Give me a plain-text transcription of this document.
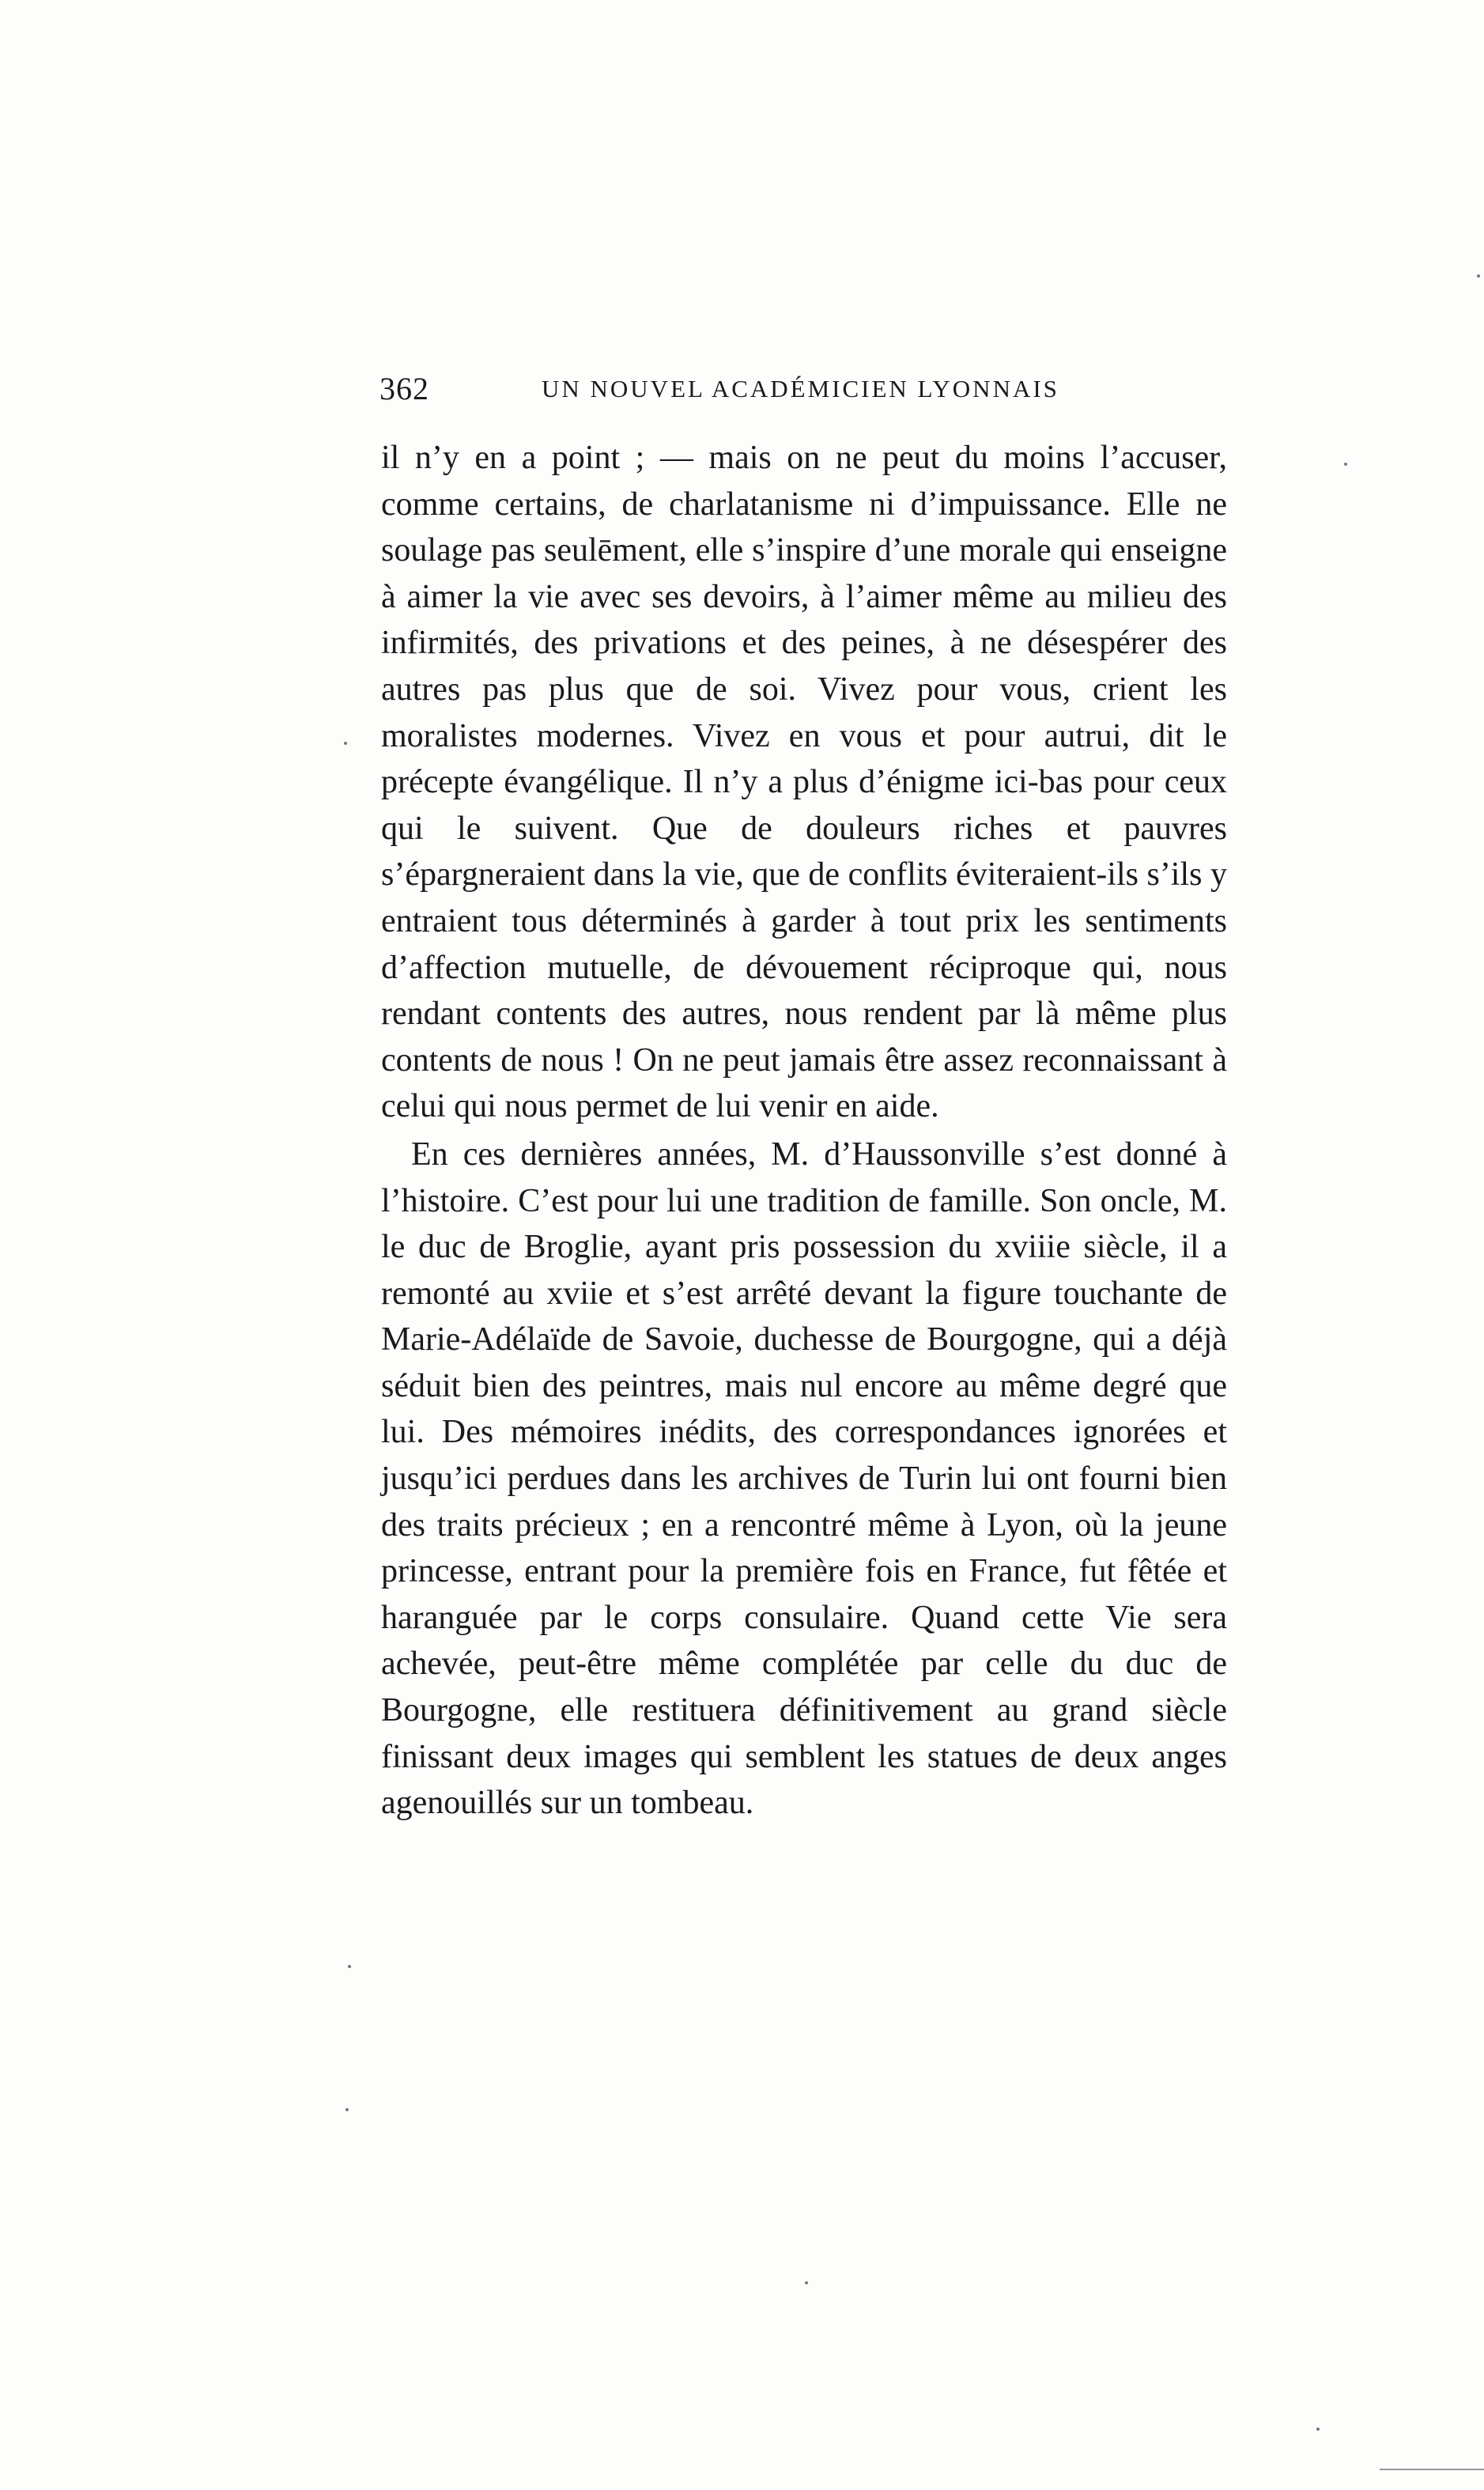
362	UN NOUVEL ACADÉMICIEN LYONNAIS

il n’y en a point ; — mais on ne peut du moins l’accuser, comme certains, de charlatanisme ni d’impuissance. Elle ne soulage pas seulēment, elle s’inspire d’une morale qui enseigne à aimer la vie avec ses devoirs, à l’aimer même au milieu des infirmités, des privations et des peines, à ne désespérer des autres pas plus que de soi. Vivez pour vous, crient les moralistes modernes. Vivez en vous et pour autrui, dit le précepte évangélique. Il n’y a plus d’énigme ici-bas pour ceux qui le suivent. Que de douleurs riches et pauvres s’épargneraient dans la vie, que de conflits éviteraient-ils s’ils y entraient tous déterminés à garder à tout prix les sentiments d’affection mutuelle, de dévouement réciproque qui, nous rendant contents des autres, nous rendent par là même plus contents de nous ! On ne peut jamais être assez reconnaissant à celui qui nous permet de lui venir en aide.

En ces dernières années, M. d’Haussonville s’est donné à l’histoire. C’est pour lui une tradition de famille. Son oncle, M. le duc de Broglie, ayant pris possession du xviiie siècle, il a remonté au xviie et s’est arrêté devant la figure touchante de Marie-Adélaïde de Savoie, duchesse de Bourgogne, qui a déjà séduit bien des peintres, mais nul encore au même degré que lui. Des mémoires inédits, des correspondances ignorées et jusqu’ici perdues dans les archives de Turin lui ont fourni bien des traits précieux ; en a rencontré même à Lyon, où la jeune princesse, entrant pour la première fois en France, fut fêtée et haranguée par le corps consulaire. Quand cette Vie sera achevée, peut-être même complétée par celle du duc de Bourgogne, elle restituera définitivement au grand siècle finissant deux images qui semblent les statues de deux anges agenouillés sur un tombeau.
